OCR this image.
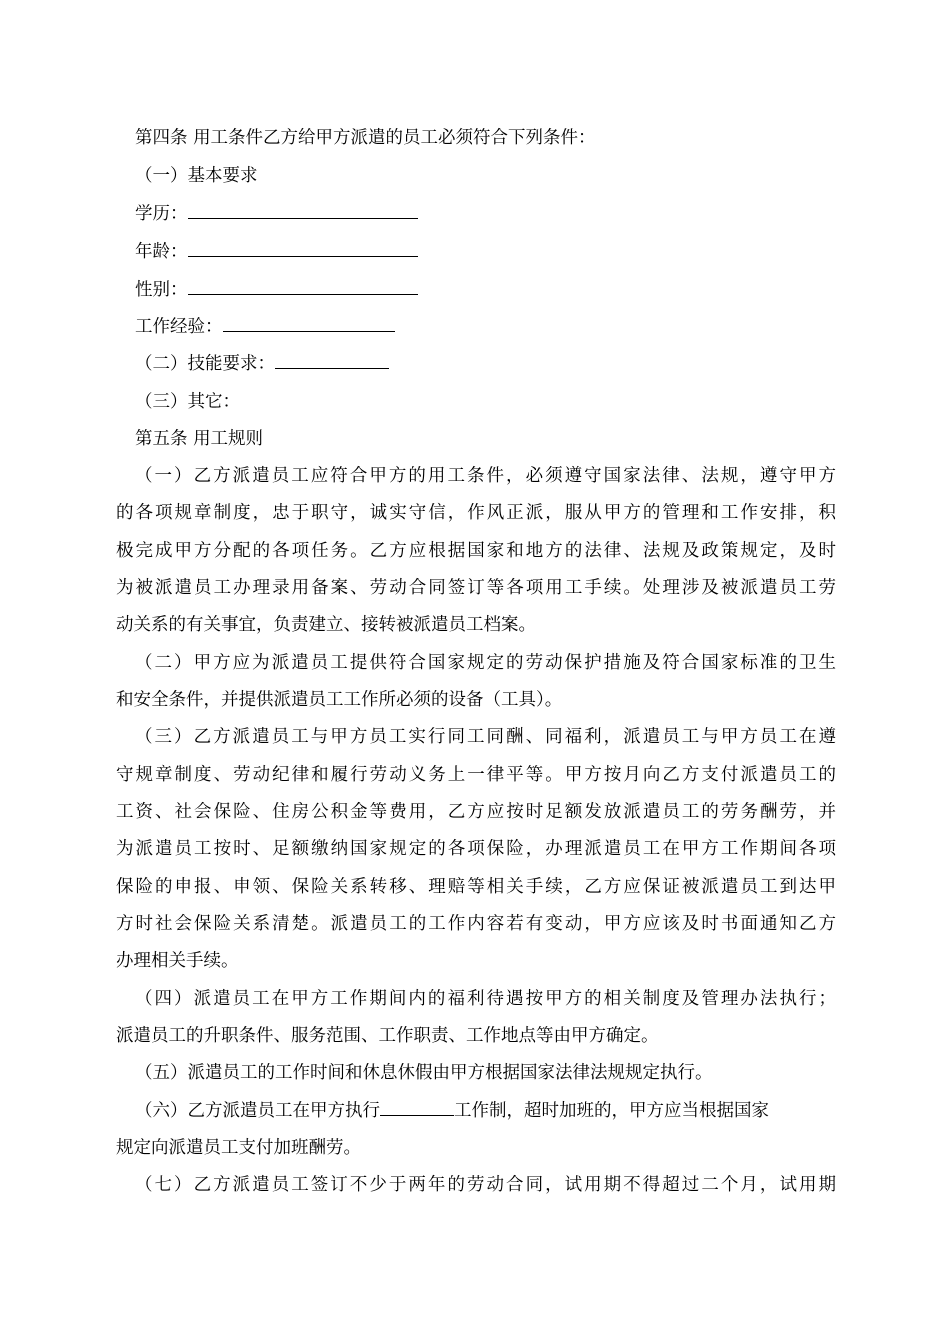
第四条 用工条件乙方给甲方派遣的员工必须符合下列条件：
（一）基本要求
学历：
年龄：
性别：
工作经验：
（二）技能要求：
（三）其它：
第五条 用工规则
（一）乙方派遣员工应符合甲方的用工条件，必须遵守国家法律、法规，遵守甲方
的各项规章制度，忠于职守，诚实守信，作风正派，服从甲方的管理和工作安排，积
极完成甲方分配的各项任务。乙方应根据国家和地方的法律、法规及政策规定，及时
为被派遣员工办理录用备案、劳动合同签订等各项用工手续。处理涉及被派遣员工劳
动关系的有关事宜，负责建立、接转被派遣员工档案。
（二）甲方应为派遣员工提供符合国家规定的劳动保护措施及符合国家标准的卫生
和安全条件，并提供派遣员工工作所必须的设备（工具）。
（三）乙方派遣员工与甲方员工实行同工同酬、同福利，派遣员工与甲方员工在遵
守规章制度、劳动纪律和履行劳动义务上一律平等。甲方按月向乙方支付派遣员工的
工资、社会保险、住房公积金等费用，乙方应按时足额发放派遣员工的劳务酬劳，并
为派遣员工按时、足额缴纳国家规定的各项保险，办理派遣员工在甲方工作期间各项
保险的申报、申领、保险关系转移、理赔等相关手续，乙方应保证被派遣员工到达甲
方时社会保险关系清楚。派遣员工的工作内容若有变动，甲方应该及时书面通知乙方
办理相关手续。
（四）派遣员工在甲方工作期间内的福利待遇按甲方的相关制度及管理办法执行；
派遣员工的升职条件、服务范围、工作职责、工作地点等由甲方确定。
（五）派遣员工的工作时间和休息休假由甲方根据国家法律法规规定执行。
（六）乙方派遣员工在甲方执行	工作制，超时加班的，甲方应当根据国家
规定向派遣员工支付加班酬劳。
（七）乙方派遣员工签订不少于两年的劳动合同，试用期不得超过二个月，试用期
